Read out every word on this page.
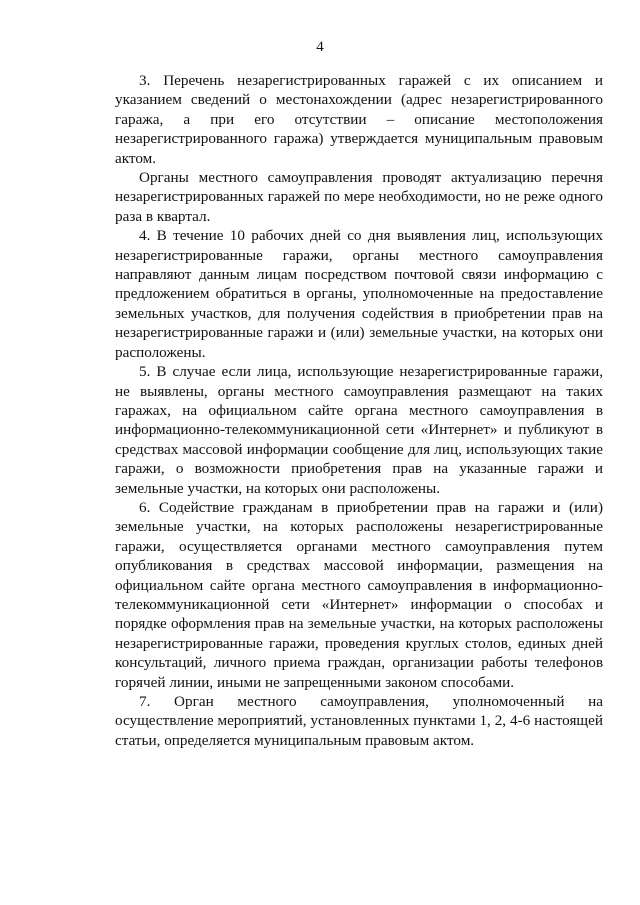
4

3. Перечень незарегистрированных гаражей с их описанием и указанием сведений о местонахождении (адрес незарегистрированного гаража, а при его отсутствии – описание местоположения незарегистрированного гаража) утверждается муниципальным правовым актом.

Органы местного самоуправления проводят актуализацию перечня незарегистрированных гаражей по мере необходимости, но не реже одного раза в квартал.

4. В течение 10 рабочих дней со дня выявления лиц, использующих незарегистрированные гаражи, органы местного самоуправления направляют данным лицам посредством почтовой связи информацию с предложением обратиться в органы, уполномоченные на предоставление земельных участков, для получения содействия в приобретении прав на незарегистрированные гаражи и (или) земельные участки, на которых они расположены.

5. В случае если лица, использующие незарегистрированные гаражи, не выявлены, органы местного самоуправления размещают на таких гаражах, на официальном сайте органа местного самоуправления в информационно-телекоммуникационной сети «Интернет» и публикуют в средствах массовой информации сообщение для лиц, использующих такие гаражи, о возможности приобретения прав на указанные гаражи и земельные участки, на которых они расположены.

6. Содействие гражданам в приобретении прав на гаражи и (или) земельные участки, на которых расположены незарегистрированные гаражи, осуществляется органами местного самоуправления путем опубликования в средствах массовой информации, размещения на официальном сайте органа местного самоуправления в информационно-телекоммуникационной сети «Интернет» информации о способах и порядке оформления прав на земельные участки, на которых расположены незарегистрированные гаражи, проведения круглых столов, единых дней консультаций, личного приема граждан, организации работы телефонов горячей линии, иными не запрещенными законом способами.

7. Орган местного самоуправления, уполномоченный на осуществление мероприятий, установленных пунктами 1, 2, 4-6 настоящей статьи, определяется муниципальным правовым актом.
